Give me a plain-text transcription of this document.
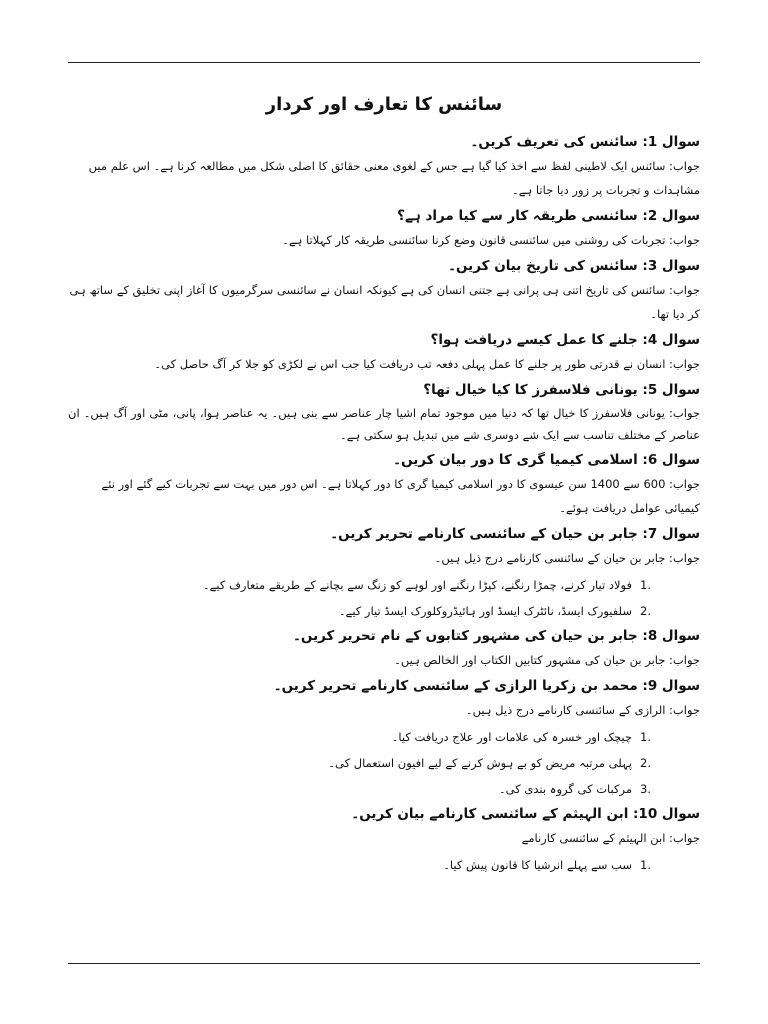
سائنس کا تعارف اور کردار
سوال 1: سائنس کی تعریف کریں۔
جواب: سائنس ایک لاطینی لفظ سے اخذ کیا گیا ہے جس کے لغوی معنی حقائق کا اصلی شکل میں مطالعہ کرنا ہے۔ اس علم میں مشاہدات و تجربات پر زور دیا جاتا ہے۔
سوال 2: سائنسی طریقہ کار سے کیا مراد ہے؟
جواب: تجربات کی روشنی میں سائنسی قانون وضع کرنا سائنسی طریقہ کار کہلاتا ہے۔
سوال 3: سائنس کی تاریخ بیان کریں۔
جواب: سائنس کی تاریخ اتنی ہی پرانی ہے جتنی انسان کی ہے کیونکہ انسان نے سائنسی سرگرمیوں کا آغاز اپنی تخلیق کے ساتھ ہی کر دیا تھا۔
سوال 4: جلنے کا عمل کیسے دریافت ہوا؟
جواب: انسان نے قدرتی طور پر جلنے کا عمل پہلی دفعہ تب دریافت کیا جب اس نے لکڑی کو جلا کر آگ حاصل کی۔
سوال 5: یونانی فلاسفرز کا کیا خیال تھا؟
جواب: یونانی فلاسفرز کا خیال تھا کہ دنیا میں موجود تمام اشیا چار عناصر سے بنی ہیں۔ یہ عناصر ہوا، پانی، مٹی اور آگ ہیں۔ ان عناصر کے مختلف تناسب سے ایک شے دوسری شے میں تبدیل ہو سکتی ہے۔
سوال 6: اسلامی کیمیا گری کا دور بیان کریں۔
جواب: 600 سے 1400 سن عیسوی کا دور اسلامی کیمیا گری کا دور کہلاتا ہے۔ اس دور میں بہت سے تجربات کیے گئے اور نئے کیمیائی عوامل دریافت ہوئے۔
سوال 7: جابر بن حیان کے سائنسی کارنامے تحریر کریں۔
جواب: جابر بن حیان کے سائنسی کارنامے درج ذیل ہیں۔
1.
فولاد تیار کرنے، چمڑا رنگنے، کپڑا رنگنے اور لوہے کو زنگ سے بچانے کے طریقے متعارف کیے۔
2.
سلفیورک ایسڈ، نائٹرک ایسڈ اور ہائیڈروکلورک ایسڈ تیار کیے۔
سوال 8: جابر بن حیان کی مشہور کتابوں کے نام تحریر کریں۔
جواب: جابر بن حیان کی مشہور کتابیں الکتاب اور الخالص ہیں۔
سوال 9: محمد بن زکریا الرازی کے سائنسی کارنامے تحریر کریں۔
جواب: الرازی کے سائنسی کارنامے درج ذیل ہیں۔
1.
چیچک اور خسرہ کی علامات اور علاج دریافت کیا۔
2.
پہلی مرتبہ مریض کو بے ہوش کرنے کے لیے افیون استعمال کی۔
3.
مرکبات کی گروہ بندی کی۔
سوال 10: ابن الہیثم کے سائنسی کارنامے بیان کریں۔
جواب: ابن الہیثم کے سائنسی کارنامے
1.
سب سے پہلے انرشیا کا قانون پیش کیا۔
